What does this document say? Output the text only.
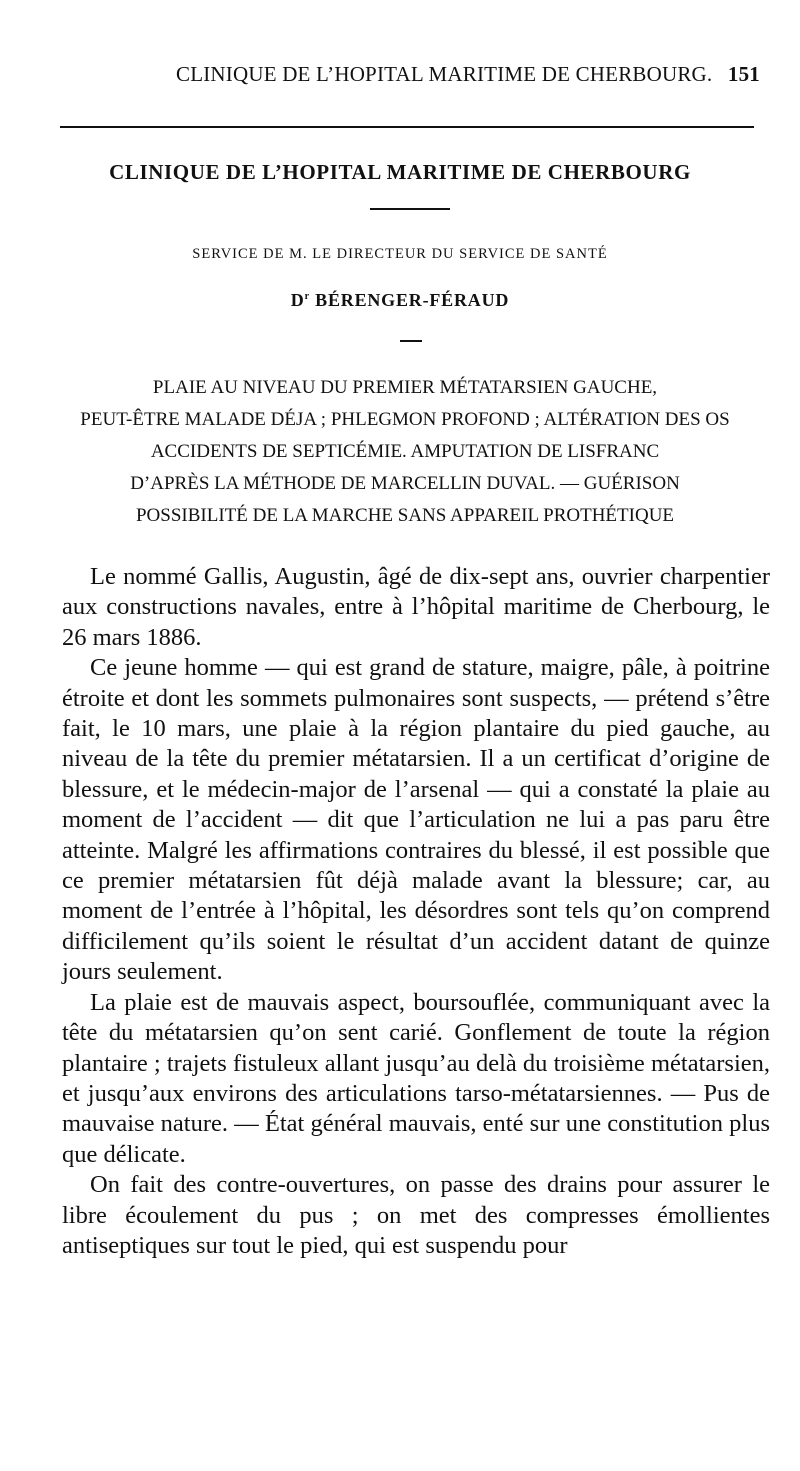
CLINIQUE DE L’HOPITAL MARITIME DE CHERBOURG. 151
CLINIQUE DE L’HOPITAL MARITIME DE CHERBOURG
SERVICE DE M. LE DIRECTEUR DU SERVICE DE SANTÉ
$D^r$ BÉRENGER-FÉRAUD
PLAIE AU NIVEAU DU PREMIER MÉTATARSIEN GAUCHE,
PEUT-ÊTRE MALADE DÉJA ; PHLEGMON PROFOND ; ALTÉRATION DES OS
ACCIDENTS DE SEPTICÉMIE. AMPUTATION DE LISFRANC
D’APRÈS LA MÉTHODE DE MARCELLIN DUVAL. — GUÉRISON
POSSIBILITÉ DE LA MARCHE SANS APPAREIL PROTHÉTIQUE

Le nommé Gallis, Augustin, âgé de dix-sept ans, ouvrier charpentier aux constructions navales, entre à l’hôpital maritime de Cherbourg, le 26 mars 1886.

Ce jeune homme — qui est grand de stature, maigre, pâle, à poitrine étroite et dont les sommets pulmonaires sont suspects, — prétend s’être fait, le 10 mars, une plaie à la région plantaire du pied gauche, au niveau de la tête du premier métatarsien. Il a un certificat d’origine de blessure, et le médecin-major de l’arsenal — qui a constaté la plaie au moment de l’accident — dit que l’articulation ne lui a pas paru être atteinte. Malgré les affirmations contraires du blessé, il est possible que ce premier métatarsien fût déjà malade avant la blessure; car, au moment de l’entrée à l’hôpital, les désordres sont tels qu’on comprend difficilement qu’ils soient le résultat d’un accident datant de quinze jours seulement.

La plaie est de mauvais aspect, boursouflée, communiquant avec la tête du métatarsien qu’on sent carié. Gonflement de toute la région plantaire ; trajets fistuleux allant jusqu’au delà du troisième métatarsien, et jusqu’aux environs des articulations tarso-métatarsiennes. — Pus de mauvaise nature. — État général mauvais, enté sur une constitution plus que délicate.

On fait des contre-ouvertures, on passe des drains pour assurer le libre écoulement du pus ; on met des compresses émollientes antiseptiques sur tout le pied, qui est suspendu pour
